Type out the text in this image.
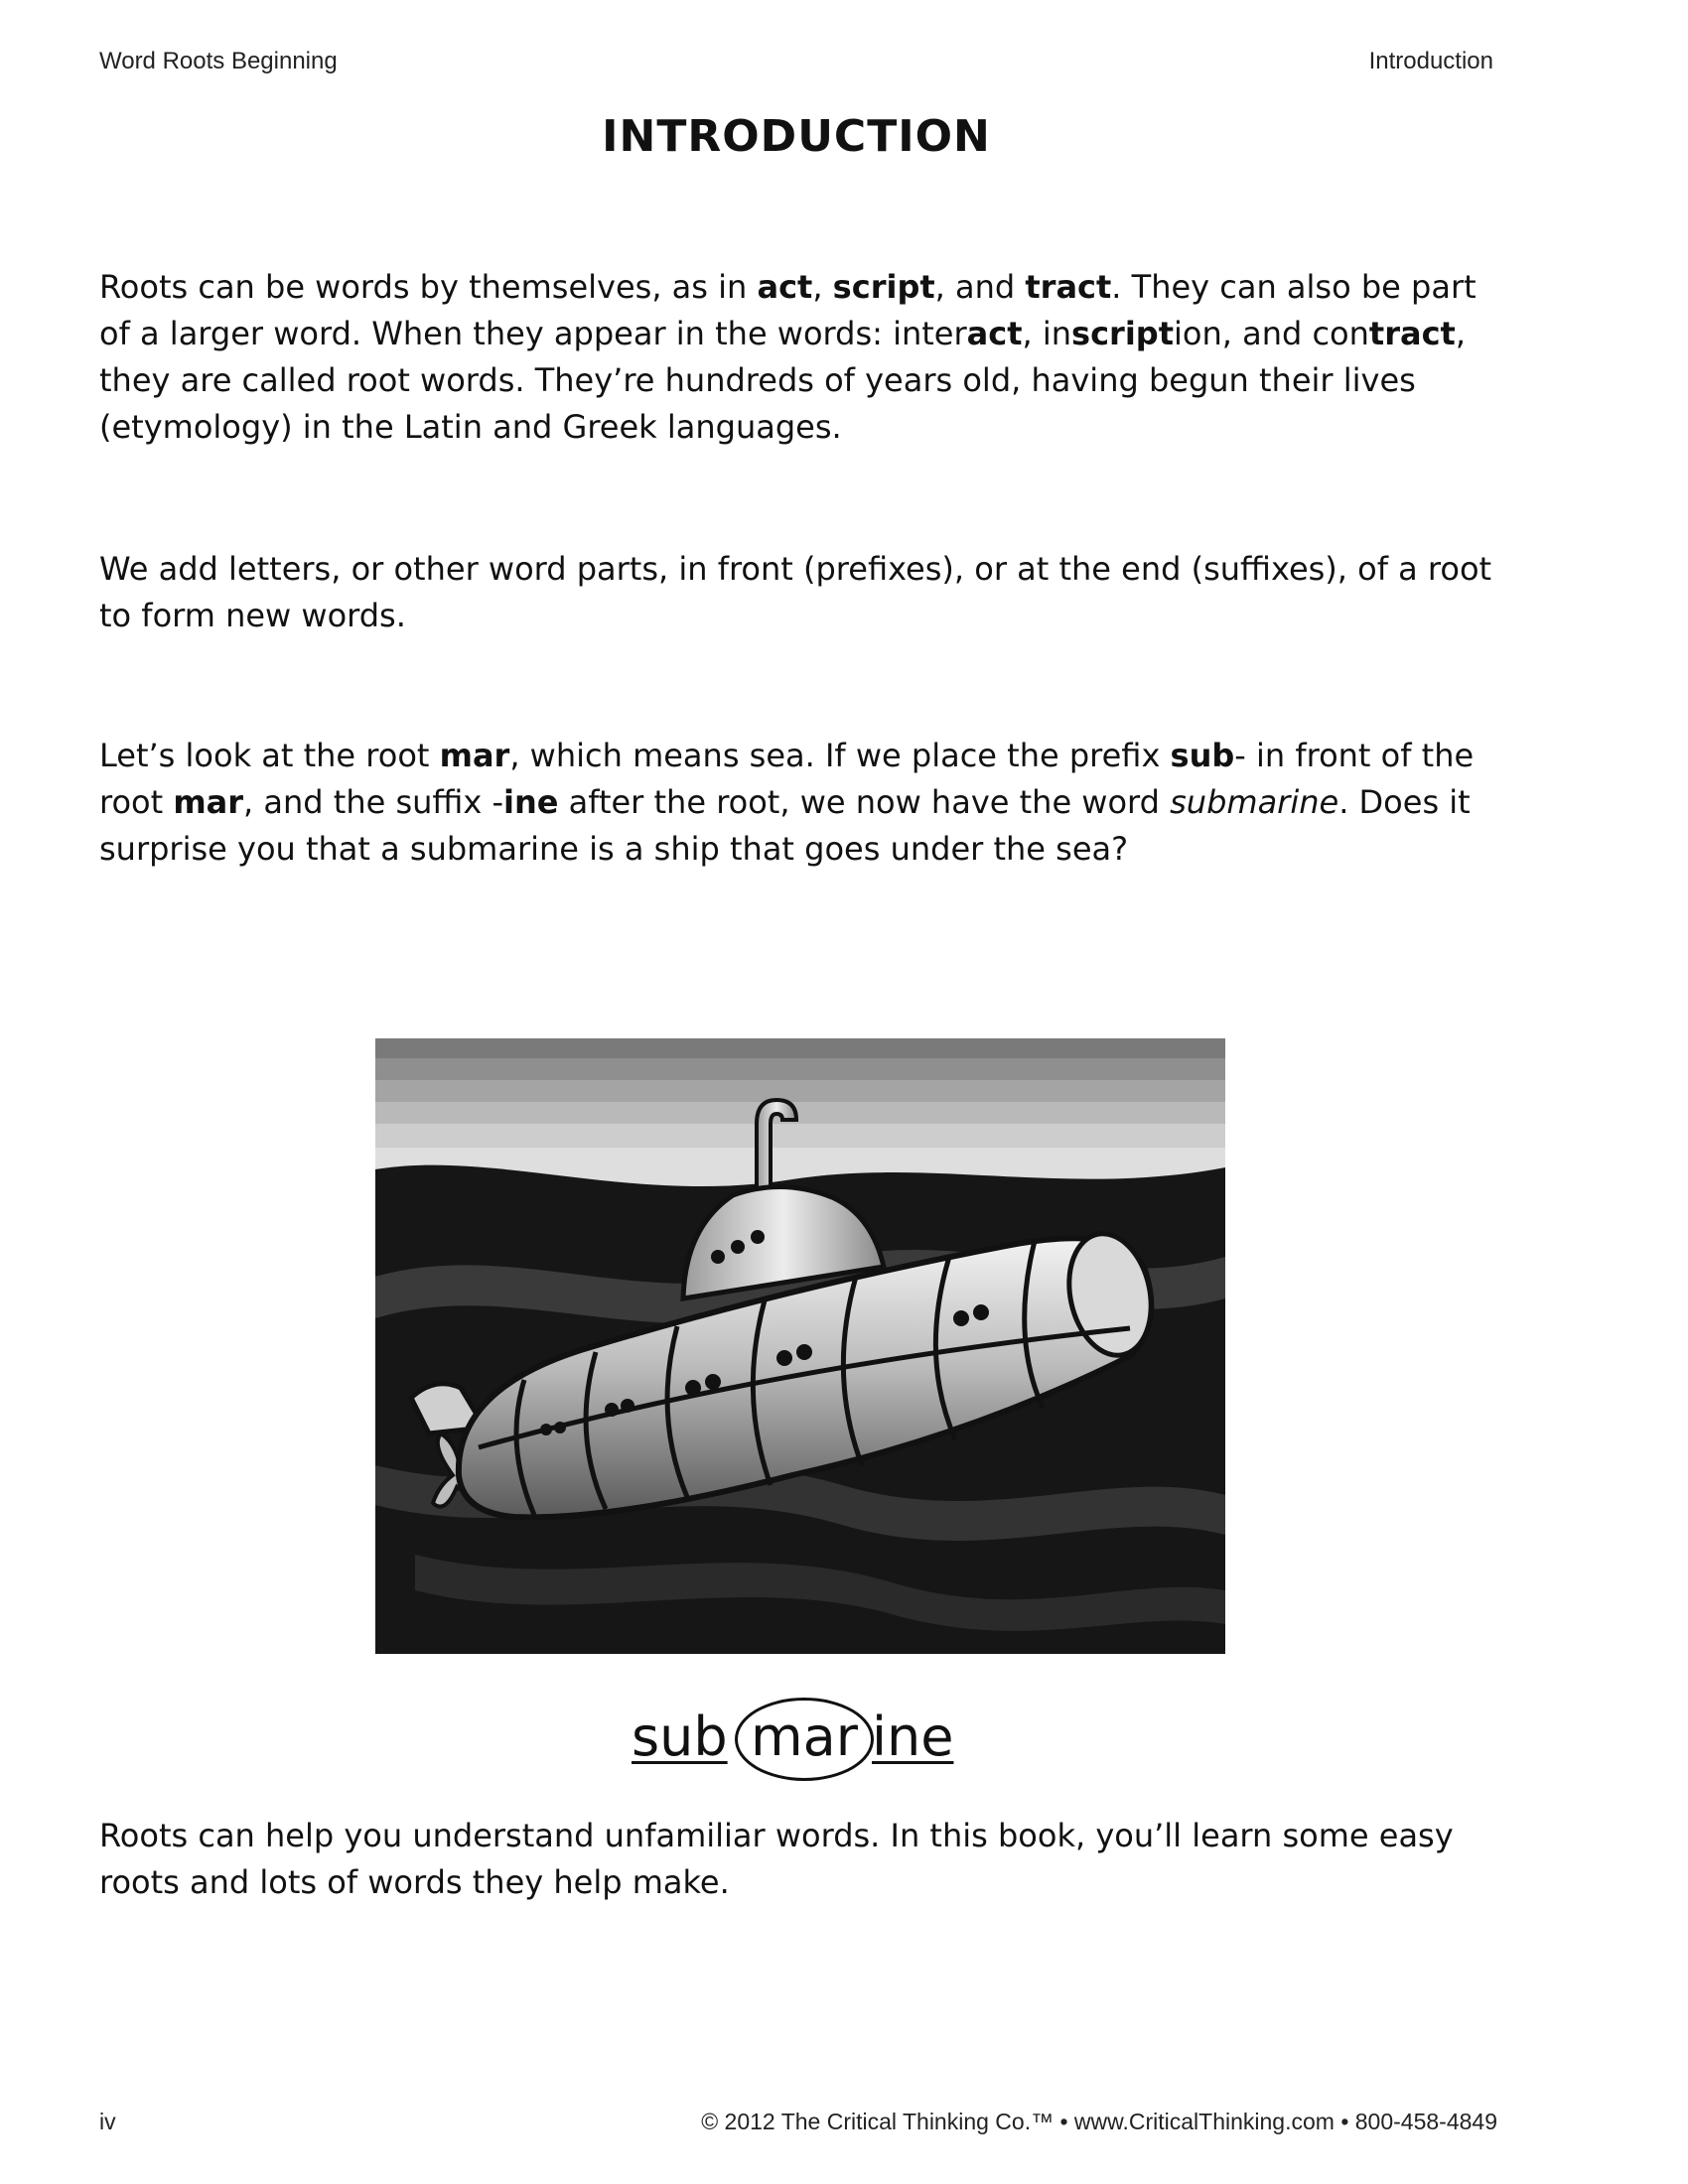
Word Roots Beginning	Introduction
INTRODUCTION

Roots can be words by themselves, as in act, script, and tract. They can also be part of a larger word. When they appear in the words: interact, inscription, and contract, they are called root words. They’re hundreds of years old, having begun their lives (etymology) in the Latin and Greek languages.

We add letters, or other word parts, in front (prefixes), or at the end (suffixes), of a root to form new words.

Let’s look at the root mar, which means sea. If we place the prefix sub- in front of the root mar, and the suffix -ine after the root, we now have the word submarine. Does it surprise you that a submarine is a ship that goes under the sea?

sub mar ine

Roots can help you understand unfamiliar words. In this book, you’ll learn some easy roots and lots of words they help make.

iv	© 2012 The Critical Thinking Co.™ • www.CriticalThinking.com • 800-458-4849
